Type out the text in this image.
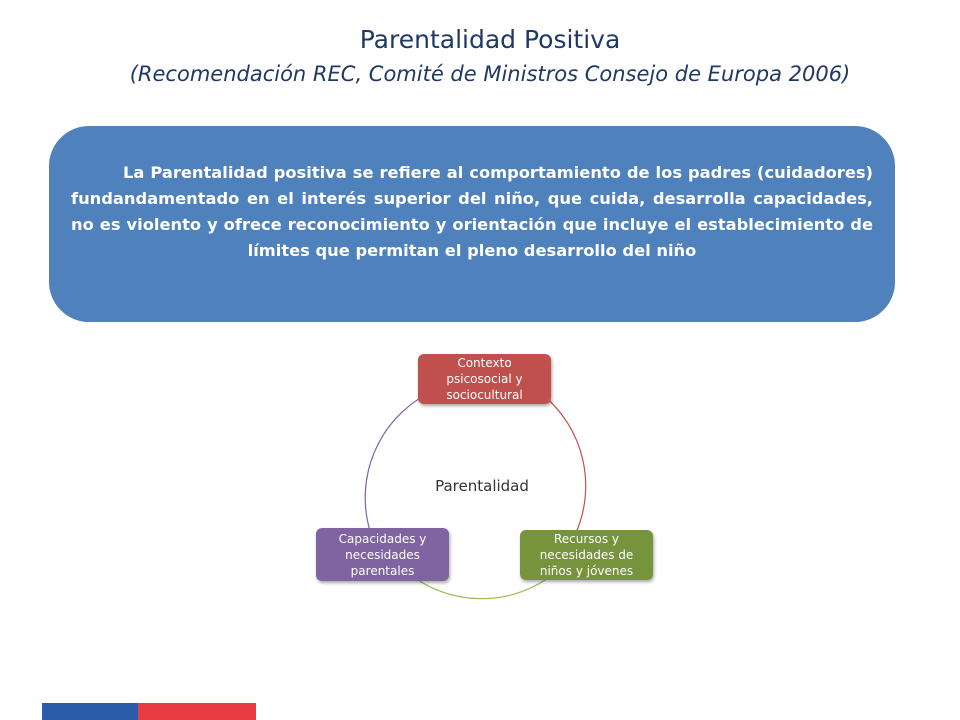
Parentalidad Positiva
(Recomendación REC, Comité de Ministros Consejo de Europa 2006)
La Parentalidad positiva se refiere al comportamiento de los padres (cuidadores) fundandamentado en el interés superior del niño, que cuida, desarrolla capacidades, no es violento y ofrece reconocimiento y orientación que incluye el establecimiento de límites que permitan el pleno desarrollo del niño
Parentalidad
Contexto psicosocial y sociocultural
Recursos y necesidades de niños y jóvenes
Capacidades y necesidades parentales
